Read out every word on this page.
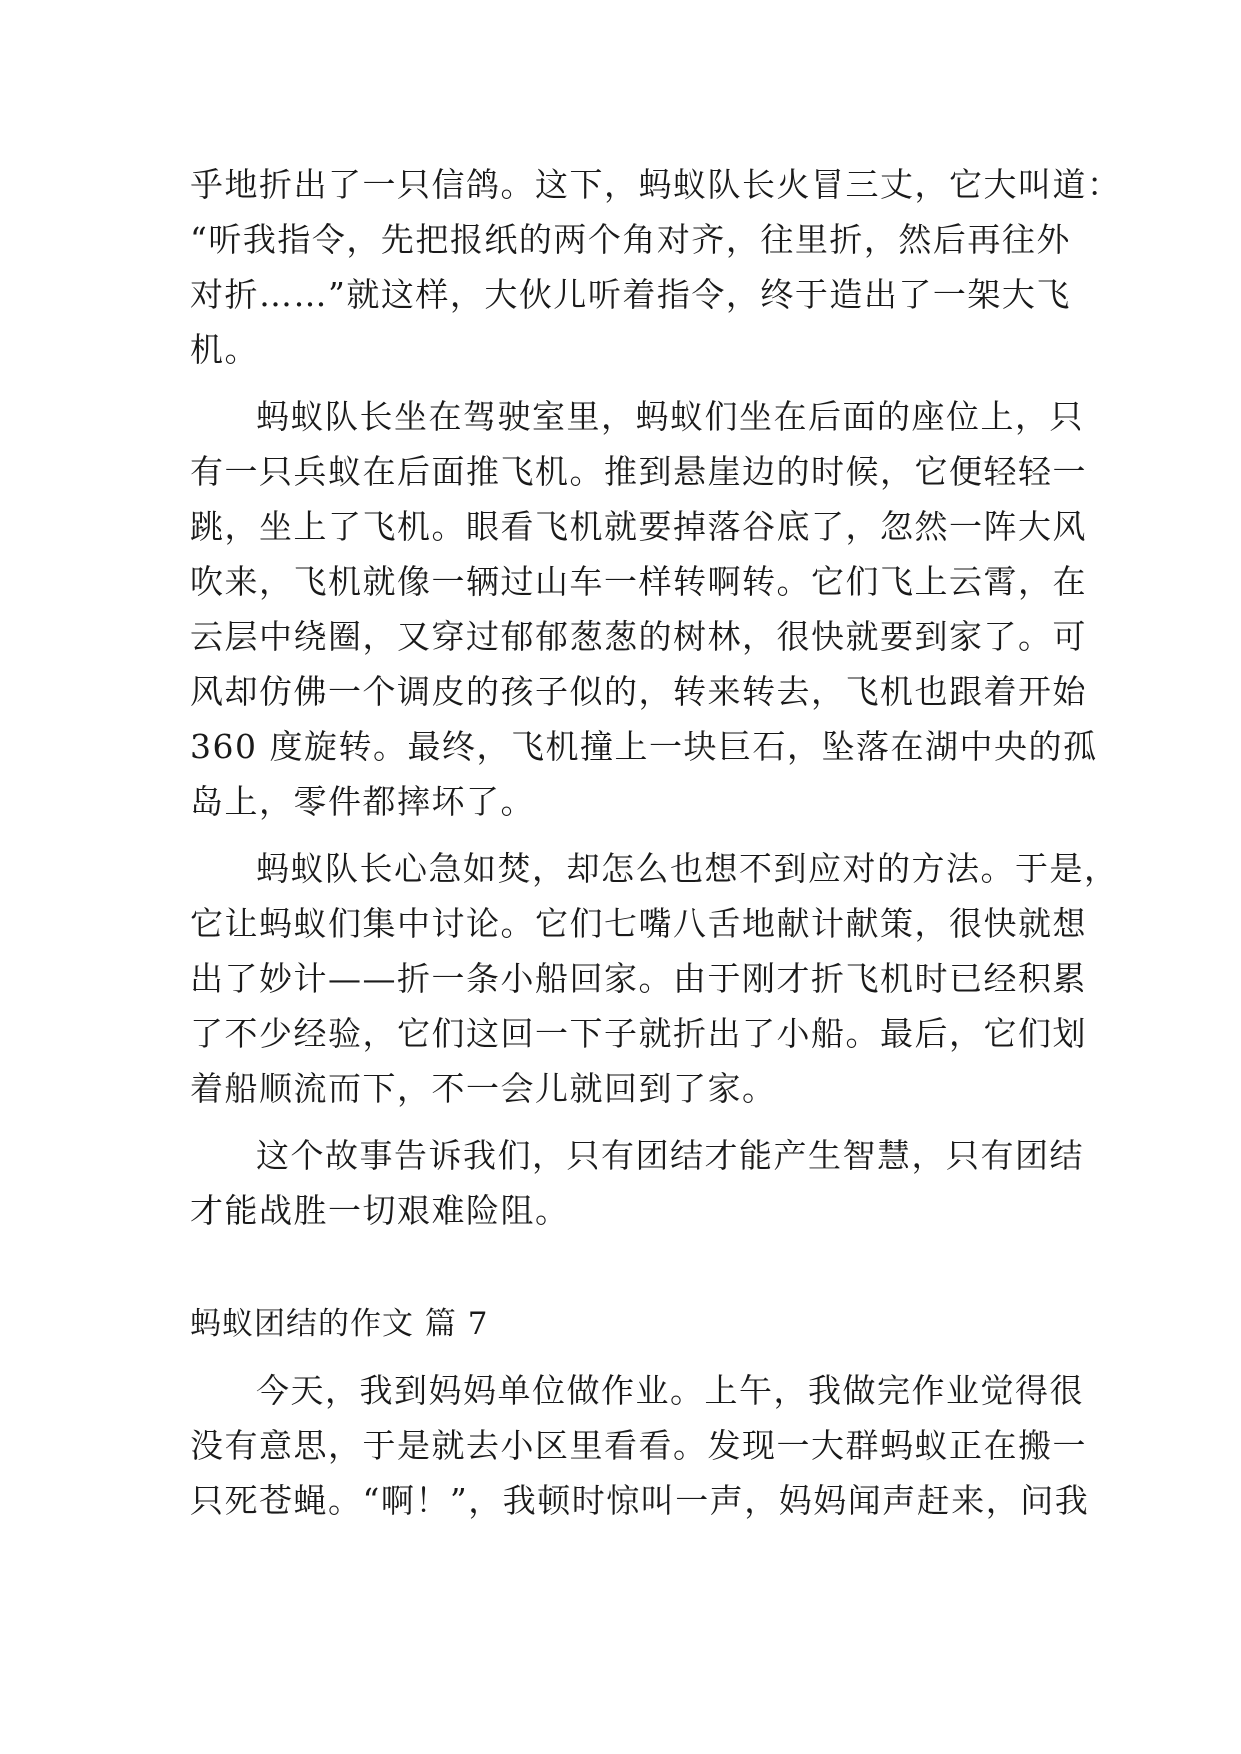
乎地折出了一只信鸽。这下，蚂蚁队长火冒三丈，它大叫道：
“听我指令，先把报纸的两个角对齐，往里折，然后再往外
对折……”就这样，大伙儿听着指令，终于造出了一架大飞
机。
蚂蚁队长坐在驾驶室里，蚂蚁们坐在后面的座位上，只
有一只兵蚁在后面推飞机。推到悬崖边的时候，它便轻轻一
跳，坐上了飞机。眼看飞机就要掉落谷底了，忽然一阵大风
吹来，飞机就像一辆过山车一样转啊转。它们飞上云霄，在
云层中绕圈，又穿过郁郁葱葱的树林，很快就要到家了。可
风却仿佛一个调皮的孩子似的，转来转去，飞机也跟着开始
360 度旋转。最终，飞机撞上一块巨石，坠落在湖中央的孤
岛上，零件都摔坏了。
蚂蚁队长心急如焚，却怎么也想不到应对的方法。于是，
它让蚂蚁们集中讨论。它们七嘴八舌地献计献策，很快就想
出了妙计——折一条小船回家。由于刚才折飞机时已经积累
了不少经验，它们这回一下子就折出了小船。最后，它们划
着船顺流而下，不一会儿就回到了家。
这个故事告诉我们，只有团结才能产生智慧，只有团结
才能战胜一切艰难险阻。
蚂蚁团结的作文 篇 7
今天，我到妈妈单位做作业。上午，我做完作业觉得很
没有意思，于是就去小区里看看。发现一大群蚂蚁正在搬一
只死苍蝇。“啊！”，我顿时惊叫一声，妈妈闻声赶来，问我
